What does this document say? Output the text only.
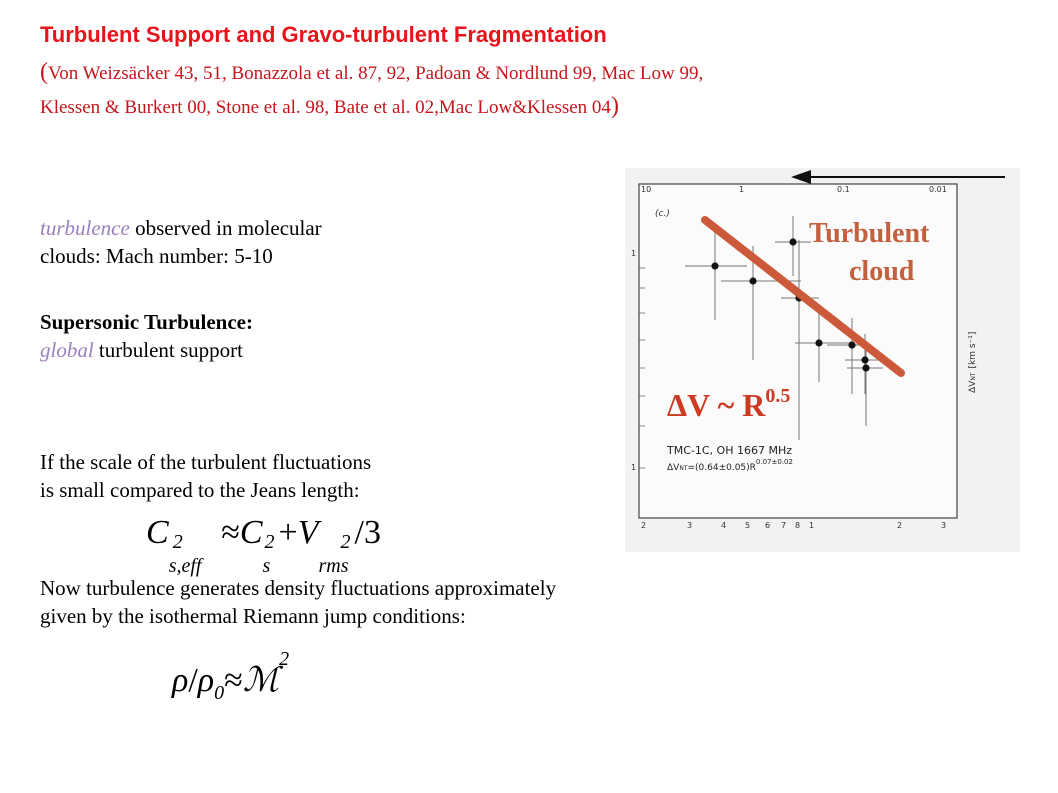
Turbulent Support and Gravo-turbulent Fragmentation
(Von Weizsäcker 43, 51, Bonazzola et al. 87, 92, Padoan & Nordlund 99, Mac Low 99,
Klessen & Burkert 00, Stone et al. 98, Bate et al. 02,Mac Low&Klessen 04)
turbulence observed in molecular
clouds: Mach number: 5-10
Supersonic Turbulence:
global turbulent support
If the scale of the turbulent fluctuations
is small compared to the Jeans length:
C 2
s,eff
≈C 2
s
+V 2
rms
/3
Now turbulence generates density fluctuations approximately
given by the isothermal Riemann jump conditions:
$\rho/\rho_0\approx ℳ^2$
10	1	0.1	0.01
2	3	4 5 6 7 8 1	2	3
1
1
ΔVNT[km s⁻¹]
(c.)
Turbulent
cloud
ΔV ~ $R^{0.5}$
TMC-1C, OH 1667 MHz
$\Delta VNT=(0.64\pm 0.05)R^{0.07\pm 0.02}$
